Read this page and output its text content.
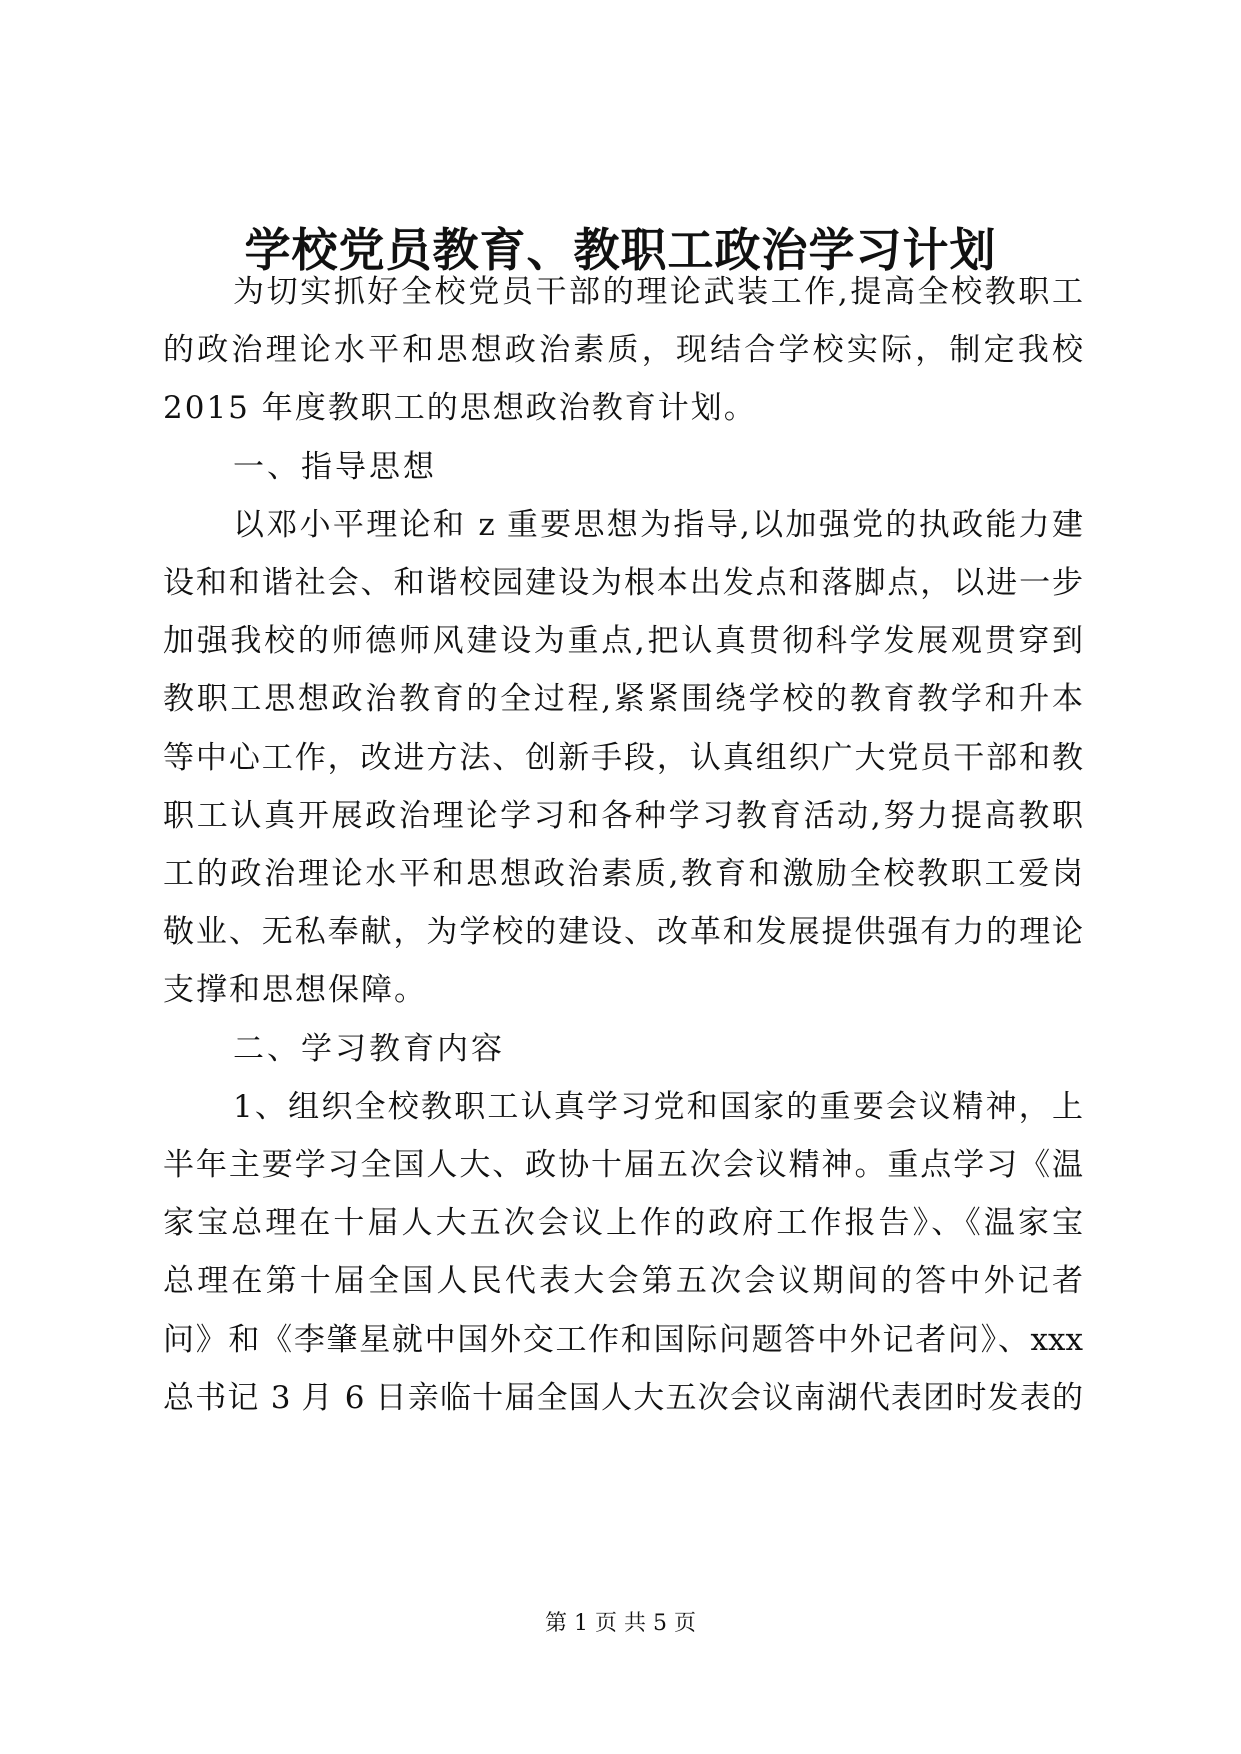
学校党员教育、教职工政治学习计划
为切实抓好全校党员干部的理论武装工作,提高全校教职工
的政治理论水平和思想政治素质，现结合学校实际，制定我校
2015 年度教职工的思想政治教育计划。
一、指导思想
以邓小平理论和 z 重要思想为指导,以加强党的执政能力建
设和和谐社会、和谐校园建设为根本出发点和落脚点，以进一步
加强我校的师德师风建设为重点,把认真贯彻科学发展观贯穿到
教职工思想政治教育的全过程,紧紧围绕学校的教育教学和升本
等中心工作，改进方法、创新手段，认真组织广大党员干部和教
职工认真开展政治理论学习和各种学习教育活动,努力提高教职
工的政治理论水平和思想政治素质,教育和激励全校教职工爱岗
敬业、无私奉献，为学校的建设、改革和发展提供强有力的理论
支撑和思想保障。
二、学习教育内容
1、组织全校教职工认真学习党和国家的重要会议精神，上
半年主要学习全国人大、政协十届五次会议精神。重点学习《温
家宝总理在十届人大五次会议上作的政府工作报告》、《温家宝
总理在第十届全国人民代表大会第五次会议期间的答中外记者
问》和《李肇星就中国外交工作和国际问题答中外记者问》、xxx
总书记 3 月 6 日亲临十届全国人大五次会议南湖代表团时发表的
第 1 页 共 5 页
